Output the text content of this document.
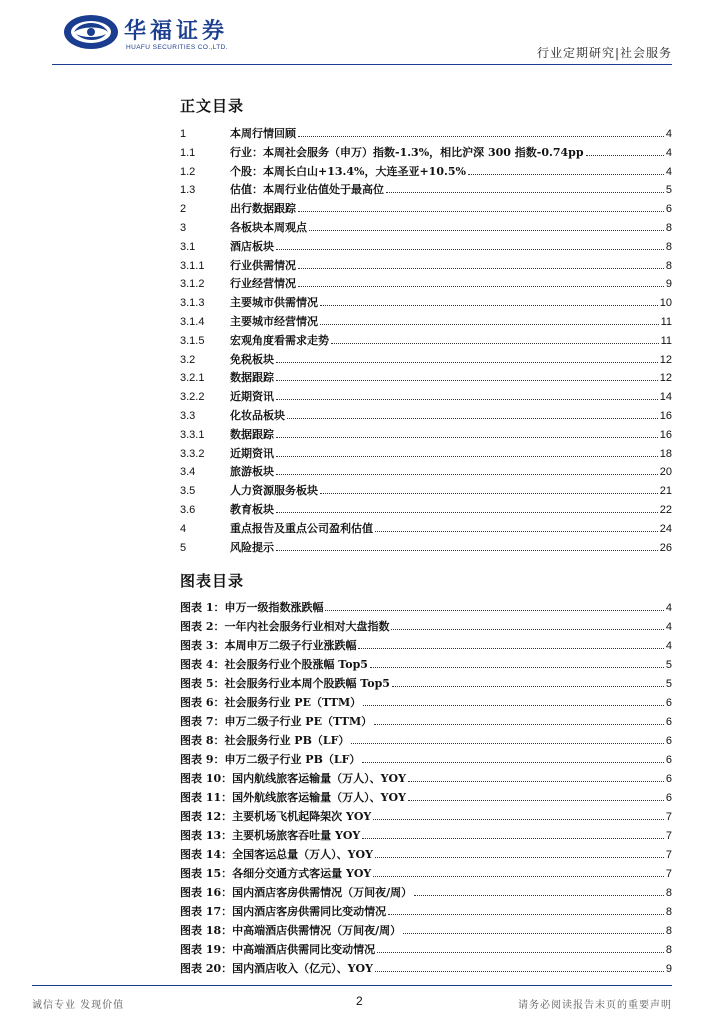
华福证券
HUAFU SECURITIES CO.,LTD.	行业定期研究|社会服务
正文目录
1	本周行情回顾	4
1.1	行业：本周社会服务（申万）指数-1.3%，相比沪深 300 指数-0.74pp	4
1.2	个股：本周长白山+13.4%，大连圣亚+10.5%	4
1.3	估值：本周行业估值处于最高位	5
2	出行数据跟踪	6
3	各板块本周观点	8
3.1	酒店板块	8
3.1.1 行业供需情况	8
3.1.2 行业经营情况	9
3.1.3 主要城市供需情况	10
3.1.4 主要城市经营情况	11
3.1.5 宏观角度看需求走势	11
3.2	免税板块	12
3.2.1 数据跟踪	12
3.2.2 近期资讯	14
3.3	化妆品板块	16
3.3.1 数据跟踪	16
3.3.2 近期资讯	18
3.4	旅游板块	20
3.5	人力资源服务板块	21
3.6	教育板块	22
4	重点报告及重点公司盈利估值	24
5	风险提示	26
图表目录
图表 1：申万一级指数涨跌幅	4
图表 2：一年内社会服务行业相对大盘指数	4
图表 3：本周申万二级子行业涨跌幅	4
图表 4：社会服务行业个股涨幅 Top5	5
图表 5：社会服务行业本周个股跌幅 Top5	5
图表 6：社会服务行业 PE（TTM）	6
图表 7：申万二级子行业 PE（TTM）	6
图表 8：社会服务行业 PB（LF）	6
图表 9：申万二级子行业 PB（LF）	6
图表 10：国内航线旅客运输量（万人）、YOY	6
图表 11：国外航线旅客运输量（万人）、YOY	6
图表 12：主要机场飞机起降架次 YOY	7
图表 13：主要机场旅客吞吐量 YOY	7
图表 14：全国客运总量（万人）、YOY	7
图表 15：各细分交通方式客运量 YOY	7
图表 16：国内酒店客房供需情况（万间夜/周）	8
图表 17：国内酒店客房供需同比变动情况	8
图表 18：中高端酒店供需情况（万间夜/周）	8
图表 19：中高端酒店供需同比变动情况	8
图表 20：国内酒店收入（亿元）、YOY	9
诚信专业 发现价值	2	请务必阅读报告末页的重要声明
